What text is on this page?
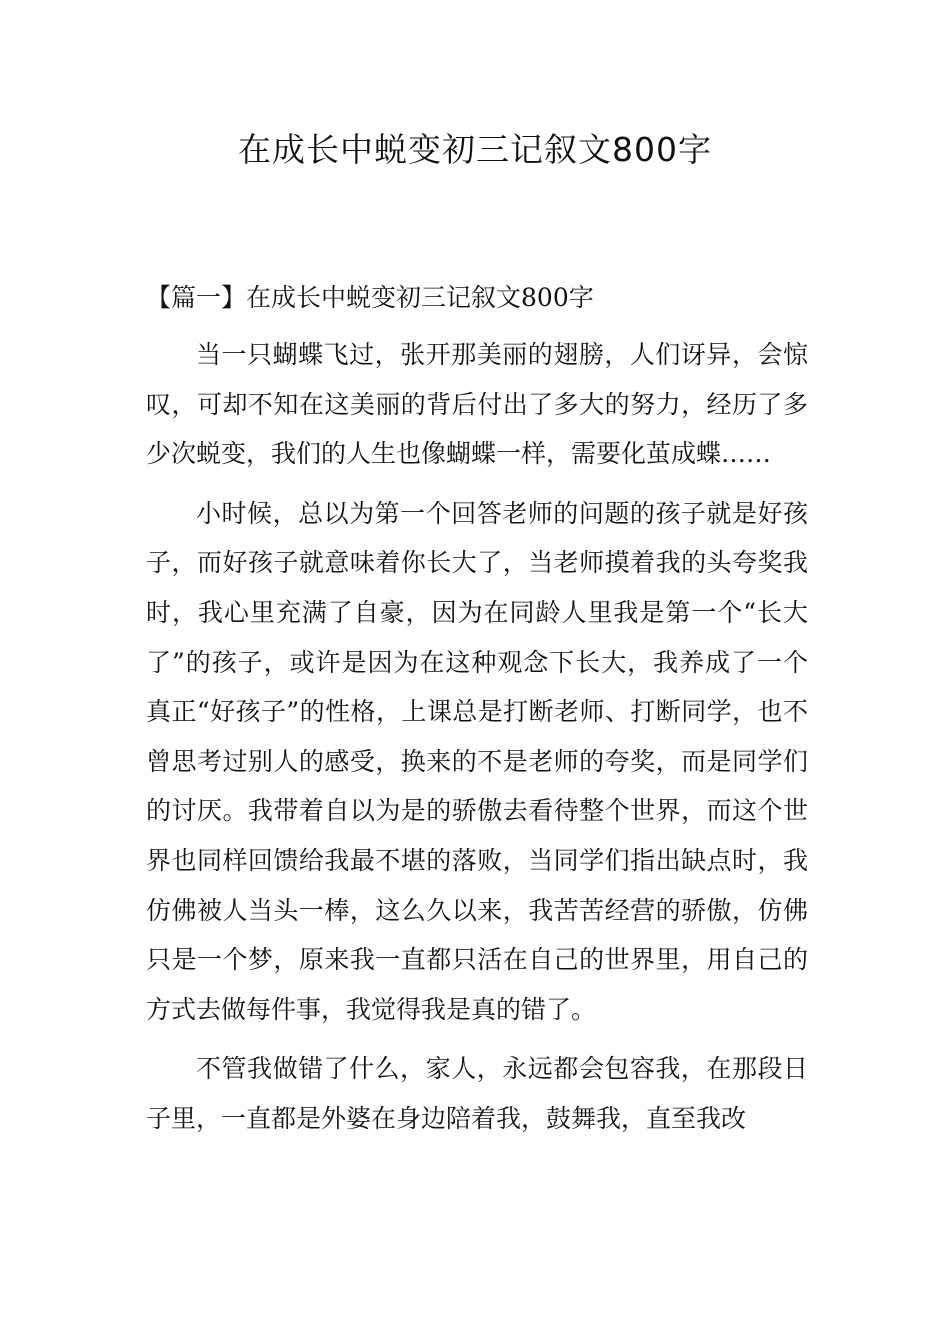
在成长中蜕变初三记叙文800字
【篇一】在成长中蜕变初三记叙文800字

当一只蝴蝶飞过，张开那美丽的翅膀，人们讶异，会惊叹，可却不知在这美丽的背后付出了多大的努力，经历了多少次蜕变，我们的人生也像蝴蝶一样，需要化茧成蝶……

小时候，总以为第一个回答老师的问题的孩子就是好孩子，而好孩子就意味着你长大了，当老师摸着我的头夸奖我时，我心里充满了自豪，因为在同龄人里我是第一个“长大了”的孩子，或许是因为在这种观念下长大，我养成了一个真正“好孩子”的性格，上课总是打断老师、打断同学，也不曾思考过别人的感受，换来的不是老师的夸奖，而是同学们的讨厌。我带着自以为是的骄傲去看待整个世界，而这个世界也同样回馈给我最不堪的落败，当同学们指出缺点时，我仿佛被人当头一棒，这么久以来，我苦苦经营的骄傲，仿佛只是一个梦，原来我一直都只活在自己的世界里，用自己的方式去做每件事，我觉得我是真的错了。

不管我做错了什么，家人，永远都会包容我，在那段日子里，一直都是外婆在身边陪着我，鼓舞我，直至我改
